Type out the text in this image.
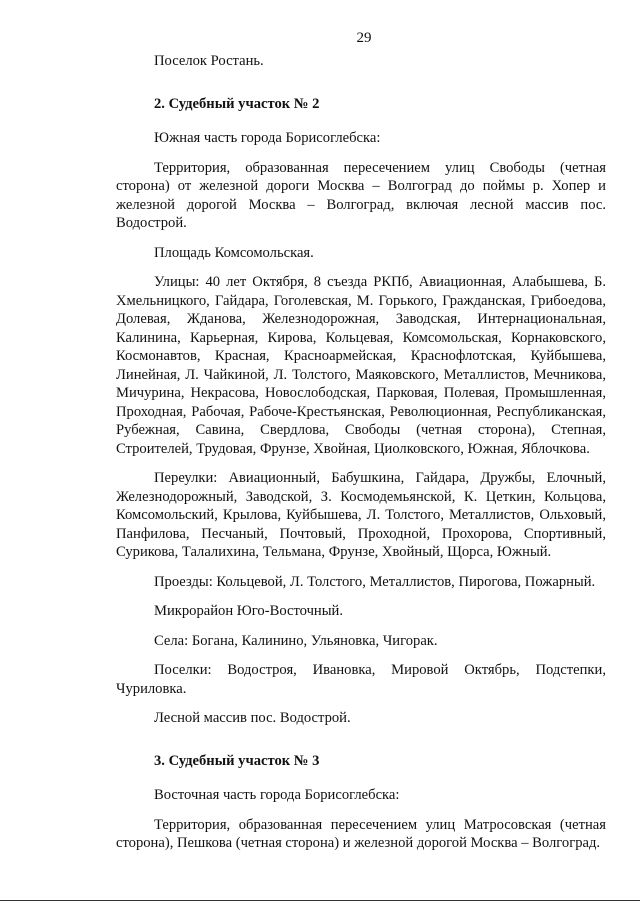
29

Поселок Ростань.

2. Судебный участок № 2

Южная часть города Борисоглебска:

Территория, образованная пересечением улиц Свободы (четная сторона) от железной дороги Москва – Волгоград до поймы р. Хопер и железной дорогой Москва – Волгоград, включая лесной массив пос. Водострой.

Площадь Комсомольская.

Улицы: 40 лет Октября, 8 съезда РКПб, Авиационная, Алабышева, Б. Хмельницкого, Гайдара, Гоголевская, М. Горького, Гражданская, Грибоедова, Долевая, Жданова, Железнодорожная, Заводская, Интернациональная, Калинина, Карьерная, Кирова, Кольцевая, Комсомольская, Корнаковского, Космонавтов, Красная, Красноармейская, Краснофлотская, Куйбышева, Линейная, Л. Чайкиной, Л. Толстого, Маяковского, Металлистов, Мечникова, Мичурина, Некрасова, Новослободская, Парковая, Полевая, Промышленная, Проходная, Рабочая, Рабоче-Крестьянская, Революционная, Республиканская, Рубежная, Савина, Свердлова, Свободы (четная сторона), Степная, Строителей, Трудовая, Фрунзе, Хвойная, Циолковского, Южная, Яблочкова.

Переулки: Авиационный, Бабушкина, Гайдара, Дружбы, Елочный, Железнодорожный, Заводской, З. Космодемьянской, К. Цеткин, Кольцова, Комсомольский, Крылова, Куйбышева, Л. Толстого, Металлистов, Ольховый, Панфилова, Песчаный, Почтовый, Проходной, Прохорова, Спортивный, Сурикова, Талалихина, Тельмана, Фрунзе, Хвойный, Щорса, Южный.

Проезды: Кольцевой, Л. Толстого, Металлистов, Пирогова, Пожарный.

Микрорайон Юго-Восточный.

Села: Богана, Калинино, Ульяновка, Чигорак.

Поселки: Водостроя, Ивановка, Мировой Октябрь, Подстепки, Чуриловка.

Лесной массив пос. Водострой.

3. Судебный участок № 3

Восточная часть города Борисоглебска:

Территория, образованная пересечением улиц Матросовская (четная сторона), Пешкова (четная сторона) и железной дорогой Москва – Волгоград.
